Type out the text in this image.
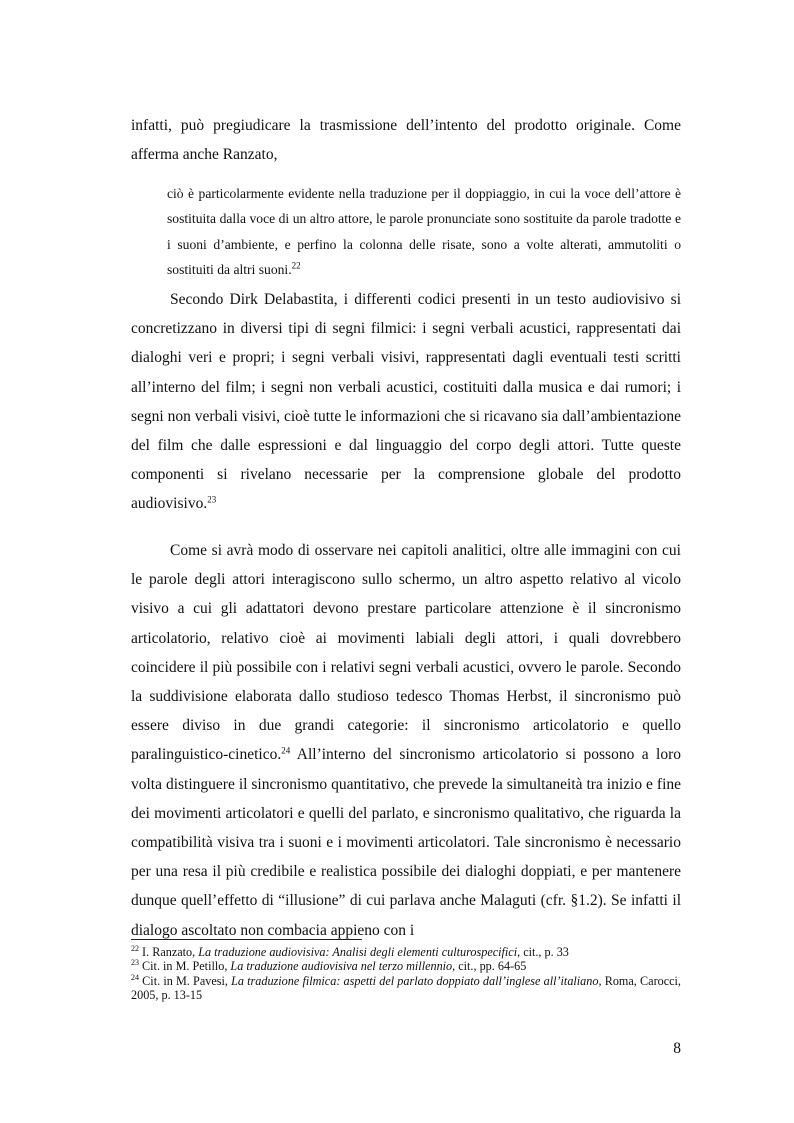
infatti, può pregiudicare la trasmissione dell’intento del prodotto originale. Come afferma anche Ranzato,

ciò è particolarmente evidente nella traduzione per il doppiaggio, in cui la voce dell’attore è sostituita dalla voce di un altro attore, le parole pronunciate sono sostituite da parole tradotte e i suoni d’ambiente, e perfino la colonna delle risate, sono a volte alterati, ammutoliti o sostituiti da altri suoni.$^{22}$

Secondo Dirk Delabastita, i differenti codici presenti in un testo audiovisivo si concretizzano in diversi tipi di segni filmici: i segni verbali acustici, rappresentati dai dialoghi veri e propri; i segni verbali visivi, rappresentati dagli eventuali testi scritti all’interno del film; i segni non verbali acustici, costituiti dalla musica e dai rumori; i segni non verbali visivi, cioè tutte le informazioni che si ricavano sia dall’ambientazione del film che dalle espressioni e dal linguaggio del corpo degli attori. Tutte queste componenti si rivelano necessarie per la comprensione globale del prodotto audiovisivo.$^{23}$

Come si avrà modo di osservare nei capitoli analitici, oltre alle immagini con cui le parole degli attori interagiscono sullo schermo, un altro aspetto relativo al vicolo visivo a cui gli adattatori devono prestare particolare attenzione è il sincronismo articolatorio, relativo cioè ai movimenti labiali degli attori, i quali dovrebbero coincidere il più possibile con i relativi segni verbali acustici, ovvero le parole. Secondo la suddivisione elaborata dallo studioso tedesco Thomas Herbst, il sincronismo può essere diviso in due grandi categorie: il sincronismo articolatorio e quello paralinguistico-cinetico.$^{24}$ All’interno del sincronismo articolatorio si possono a loro volta distinguere il sincronismo quantitativo, che prevede la simultaneità tra inizio e fine dei movimenti articolatori e quelli del parlato, e sincronismo qualitativo, che riguarda la compatibilità visiva tra i suoni e i movimenti articolatori. Tale sincronismo è necessario per una resa il più credibile e realistica possibile dei dialoghi doppiati, e per mantenere dunque quell’effetto di “illusione” di cui parlava anche Malaguti (cfr. §1.2). Se infatti il dialogo ascoltato non combacia appieno con i

$^{22}$ I. Ranzato, La traduzione audiovisiva: Analisi degli elementi culturospecifici, cit., p. 33

$^{23}$ Cit. in M. Petillo, La traduzione audiovisiva nel terzo millennio, cit., pp. 64-65

$^{24}$ Cit. in M. Pavesi, La traduzione filmica: aspetti del parlato doppiato dall’inglese all’italiano, Roma, Carocci, 2005, p. 13-15

8
